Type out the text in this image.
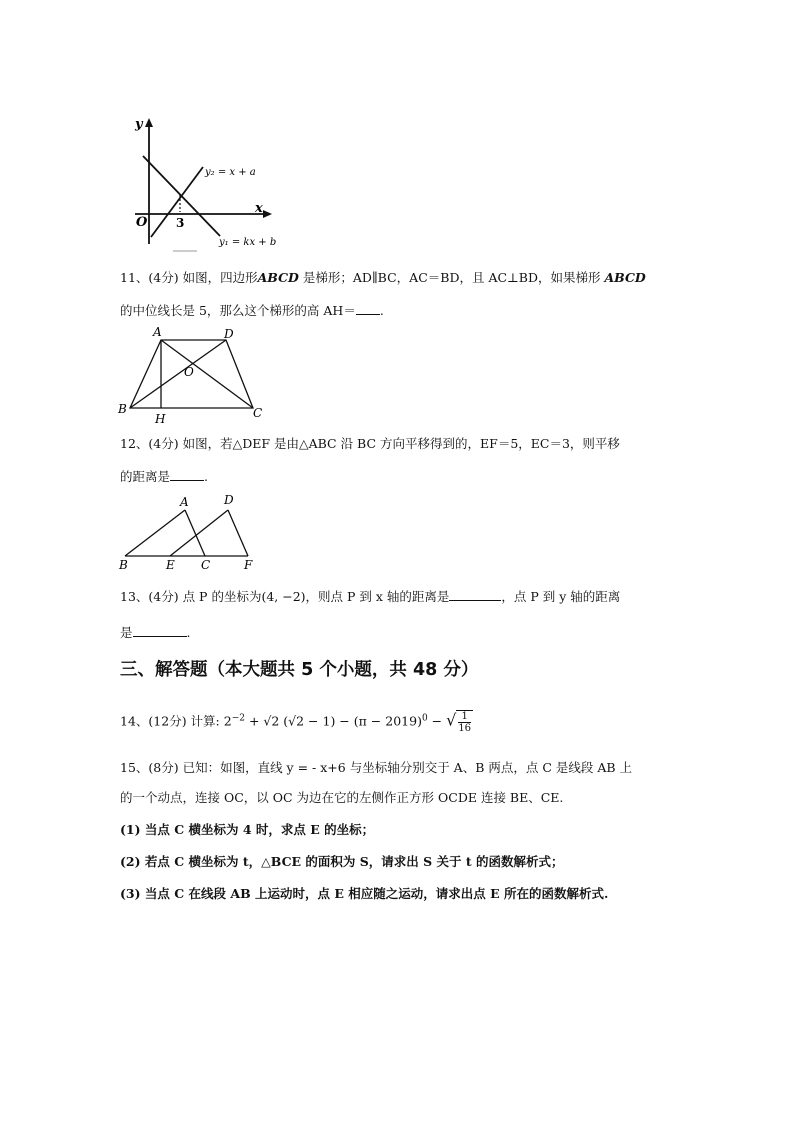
y
x
O 3
y₂ = x + a
y₁ = kx + b
11、(4分) 如图，四边形ABCD 是梯形；AD∥BC，AC＝BD，且 AC⊥BD，如果梯形 ABCD
的中位线长是 5，那么这个梯形的高 AH＝ .
A	D
O
B
H	C
12、(4分) 如图，若△DEF 是由△ABC 沿 BC 方向平移得到的，EF＝5，EC＝3，则平移
的距离是	.
A	D
B	E C	F
13、(4分) 点 P 的坐标为(4, −2)，则点 P 到 x 轴的距离是	，点 P 到 y 轴的距离
是	.
三、解答题（本大题共 5 个小题，共 48 分）
14、(12分) 计算: $2^{-2} + √2$ $(√2 - 1) - (\pi - 2019)^0$ − √ $\frac{1}{16}$
15、(8分) 已知：如图，直线 y = - x+6 与坐标轴分别交于 A、B 两点，点 C 是线段 AB 上
的一个动点，连接 OC，以 OC 为边在它的左侧作正方形 OCDE 连接 BE、CE.
(1) 当点 C 横坐标为 4 时，求点 E 的坐标；
(2) 若点 C 横坐标为 t，△BCE 的面积为 S，请求出 S 关于 t 的函数解析式；
(3) 当点 C 在线段 AB 上运动时，点 E 相应随之运动，请求出点 E 所在的函数解析式.
